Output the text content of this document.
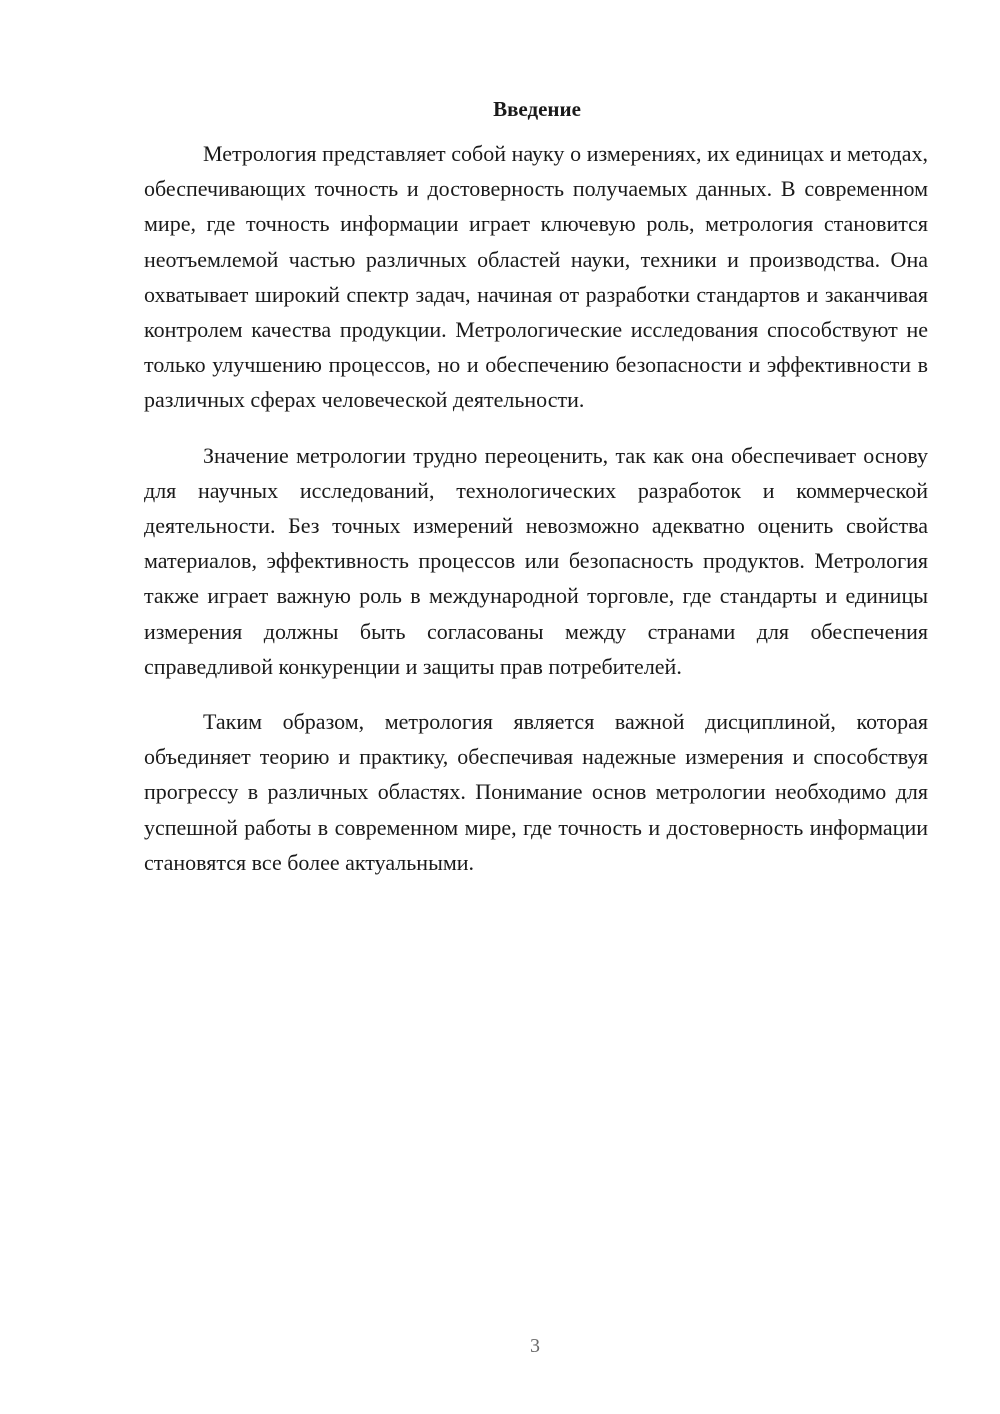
Введение

Метрология представляет собой науку о измерениях, их единицах и методах, обеспечивающих точность и достоверность получаемых данных. В современном мире, где точность информации играет ключевую роль, метрология становится неотъемлемой частью различных областей науки, техники и производства. Она охватывает широкий спектр задач, начиная от разработки стандартов и заканчивая контролем качества продукции. Метрологические исследования способствуют не только улучшению процессов, но и обеспечению безопасности и эффективности в различных сферах человеческой деятельности.

Значение метрологии трудно переоценить, так как она обеспечивает основу для научных исследований, технологических разработок и коммерческой деятельности. Без точных измерений невозможно адекватно оценить свойства материалов, эффективность процессов или безопасность продуктов. Метрология также играет важную роль в международной торговле, где стандарты и единицы измерения должны быть согласованы между странами для обеспечения справедливой конкуренции и защиты прав потребителей.

Таким образом, метрология является важной дисциплиной, которая объединяет теорию и практику, обеспечивая надежные измерения и способствуя прогрессу в различных областях. Понимание основ метрологии необходимо для успешной работы в современном мире, где точность и достоверность информации становятся все более актуальными.

3
